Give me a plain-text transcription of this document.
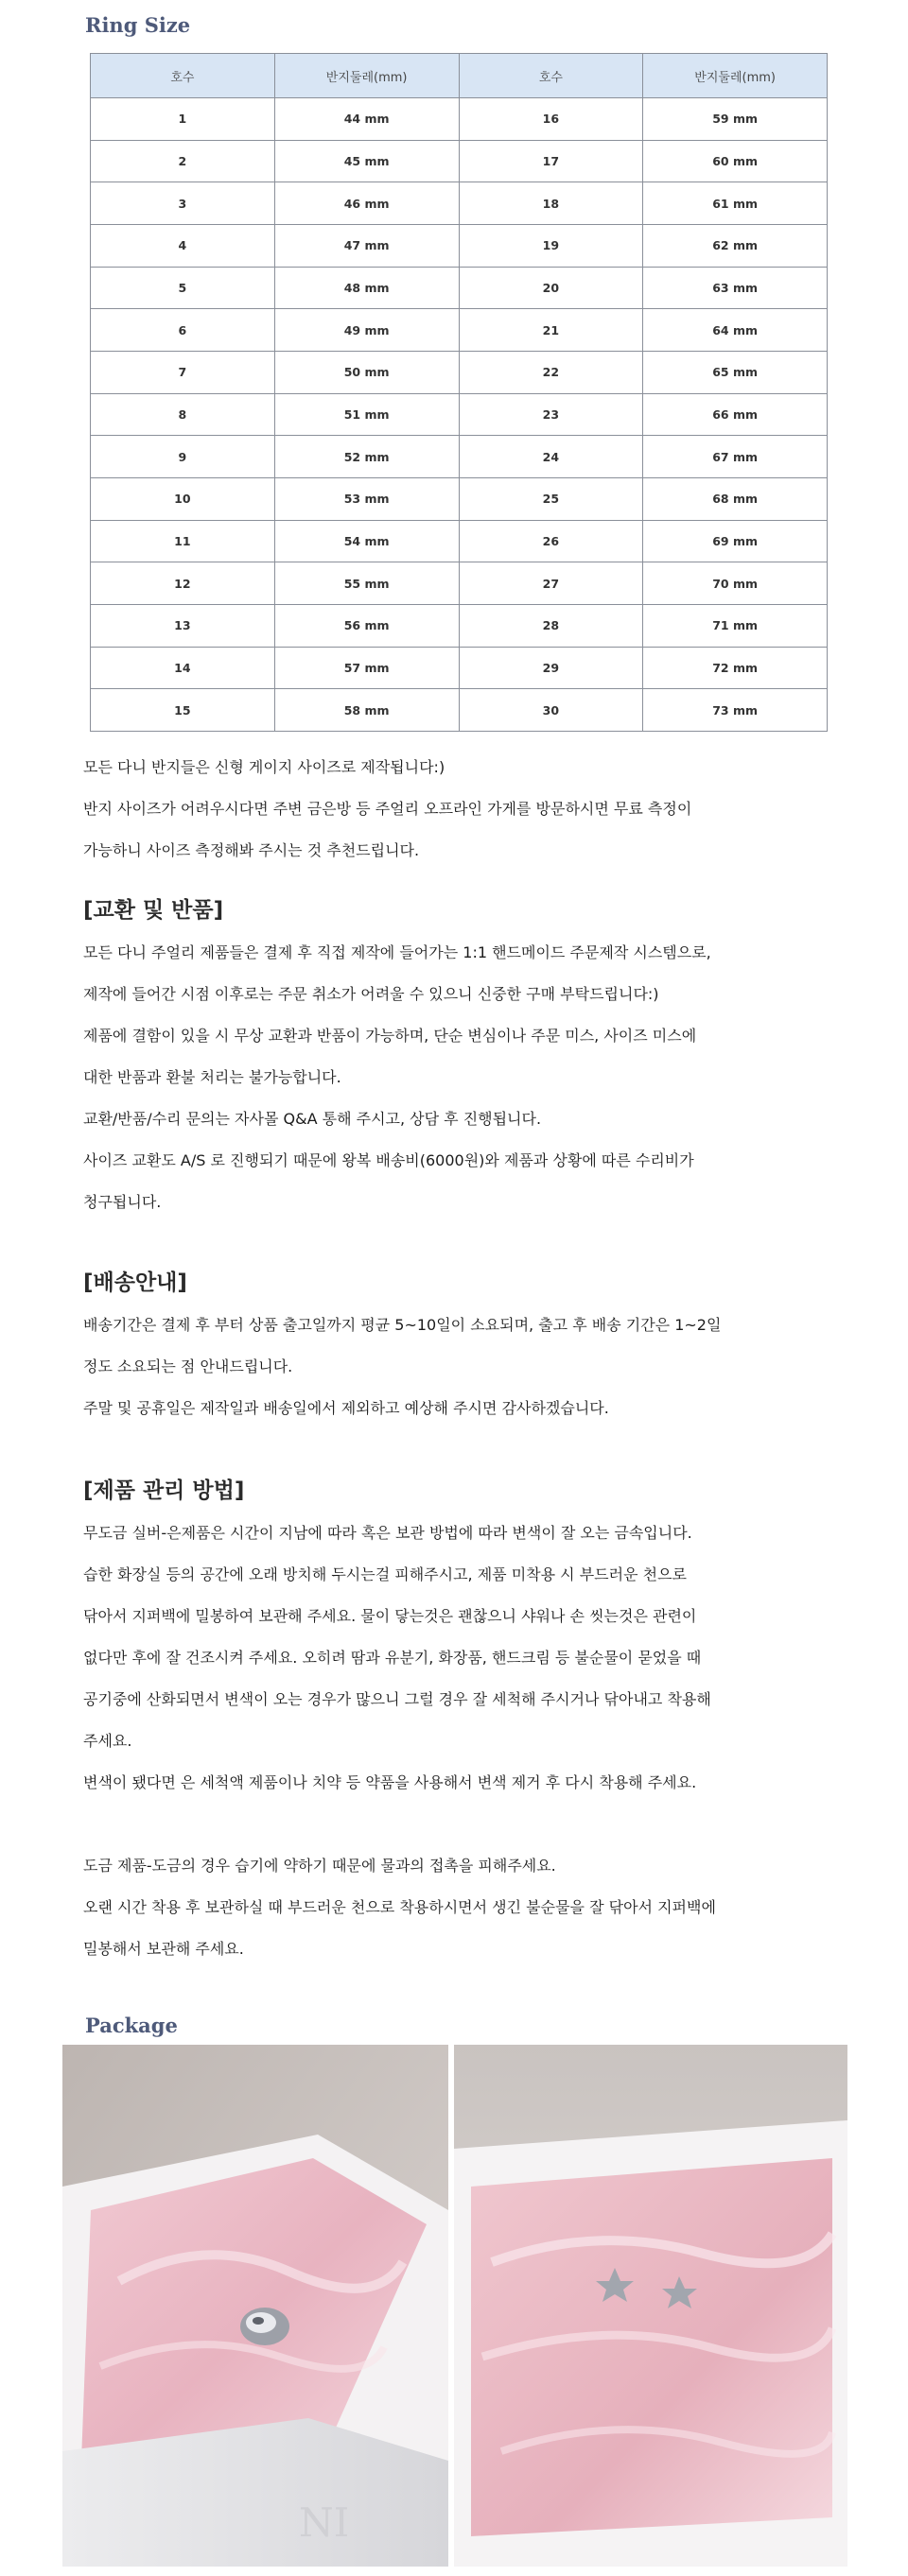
Ring Size
호수	반지둘레(mm)	호수	반지둘레(mm)
1	44 mm	16	59 mm
2	45 mm	17	60 mm
3	46 mm	18	61 mm
4	47 mm	19	62 mm
5	48 mm	20	63 mm
6	49 mm	21	64 mm
7	50 mm	22	65 mm
8	51 mm	23	66 mm
9	52 mm	24	67 mm
10	53 mm	25	68 mm
11	54 mm	26	69 mm
12	55 mm	27	70 mm
13	56 mm	28	71 mm
14	57 mm	29	72 mm
15	58 mm	30	73 mm

모든 다니 반지들은 신형 게이지 사이즈로 제작됩니다:)

반지 사이즈가 어려우시다면 주변 금은방 등 주얼리 오프라인 가게를 방문하시면 무료 측정이

가능하니 사이즈 측정해봐 주시는 것 추천드립니다.

[교환 및 반품]

모든 다니 주얼리 제품들은 결제 후 직접 제작에 들어가는 1:1 핸드메이드 주문제작 시스템으로,

제작에 들어간 시점 이후로는 주문 취소가 어려울 수 있으니 신중한 구매 부탁드립니다:)

제품에 결함이 있을 시 무상 교환과 반품이 가능하며, 단순 변심이나 주문 미스, 사이즈 미스에

대한 반품과 환불 처리는 불가능합니다.

교환/반품/수리 문의는 자사몰 Q&A 통해 주시고, 상담 후 진행됩니다.

사이즈 교환도 A/S 로 진행되기 때문에 왕복 배송비(6000원)와 제품과 상황에 따른 수리비가

청구됩니다.

[배송안내]

배송기간은 결제 후 부터 상품 출고일까지 평균 5~10일이 소요되며, 출고 후 배송 기간은 1~2일

정도 소요되는 점 안내드립니다.

주말 및 공휴일은 제작일과 배송일에서 제외하고 예상해 주시면 감사하겠습니다.

[제품 관리 방법]

무도금 실버-은제품은 시간이 지남에 따라 혹은 보관 방법에 따라 변색이 잘 오는 금속입니다.

습한 화장실 등의 공간에 오래 방치해 두시는걸 피해주시고, 제품 미착용 시 부드러운 천으로

닦아서 지퍼백에 밀봉하여 보관해 주세요. 물이 닿는것은 괜찮으니 샤워나 손 씻는것은 관련이

없다만 후에 잘 건조시켜 주세요. 오히려 땀과 유분기, 화장품, 핸드크림 등 불순물이 묻었을 때

공기중에 산화되면서 변색이 오는 경우가 많으니 그럴 경우 잘 세척해 주시거나 닦아내고 착용해

주세요.

변색이 됐다면 은 세척액 제품이나 치약 등 약품을 사용해서 변색 제거 후 다시 착용해 주세요.

도금 제품-도금의 경우 습기에 약하기 때문에 물과의 접촉을 피해주세요.

오랜 시간 착용 후 보관하실 때 부드러운 천으로 착용하시면서 생긴 불순물을 잘 닦아서 지퍼백에

밀봉해서 보관해 주세요.

Package
NI
